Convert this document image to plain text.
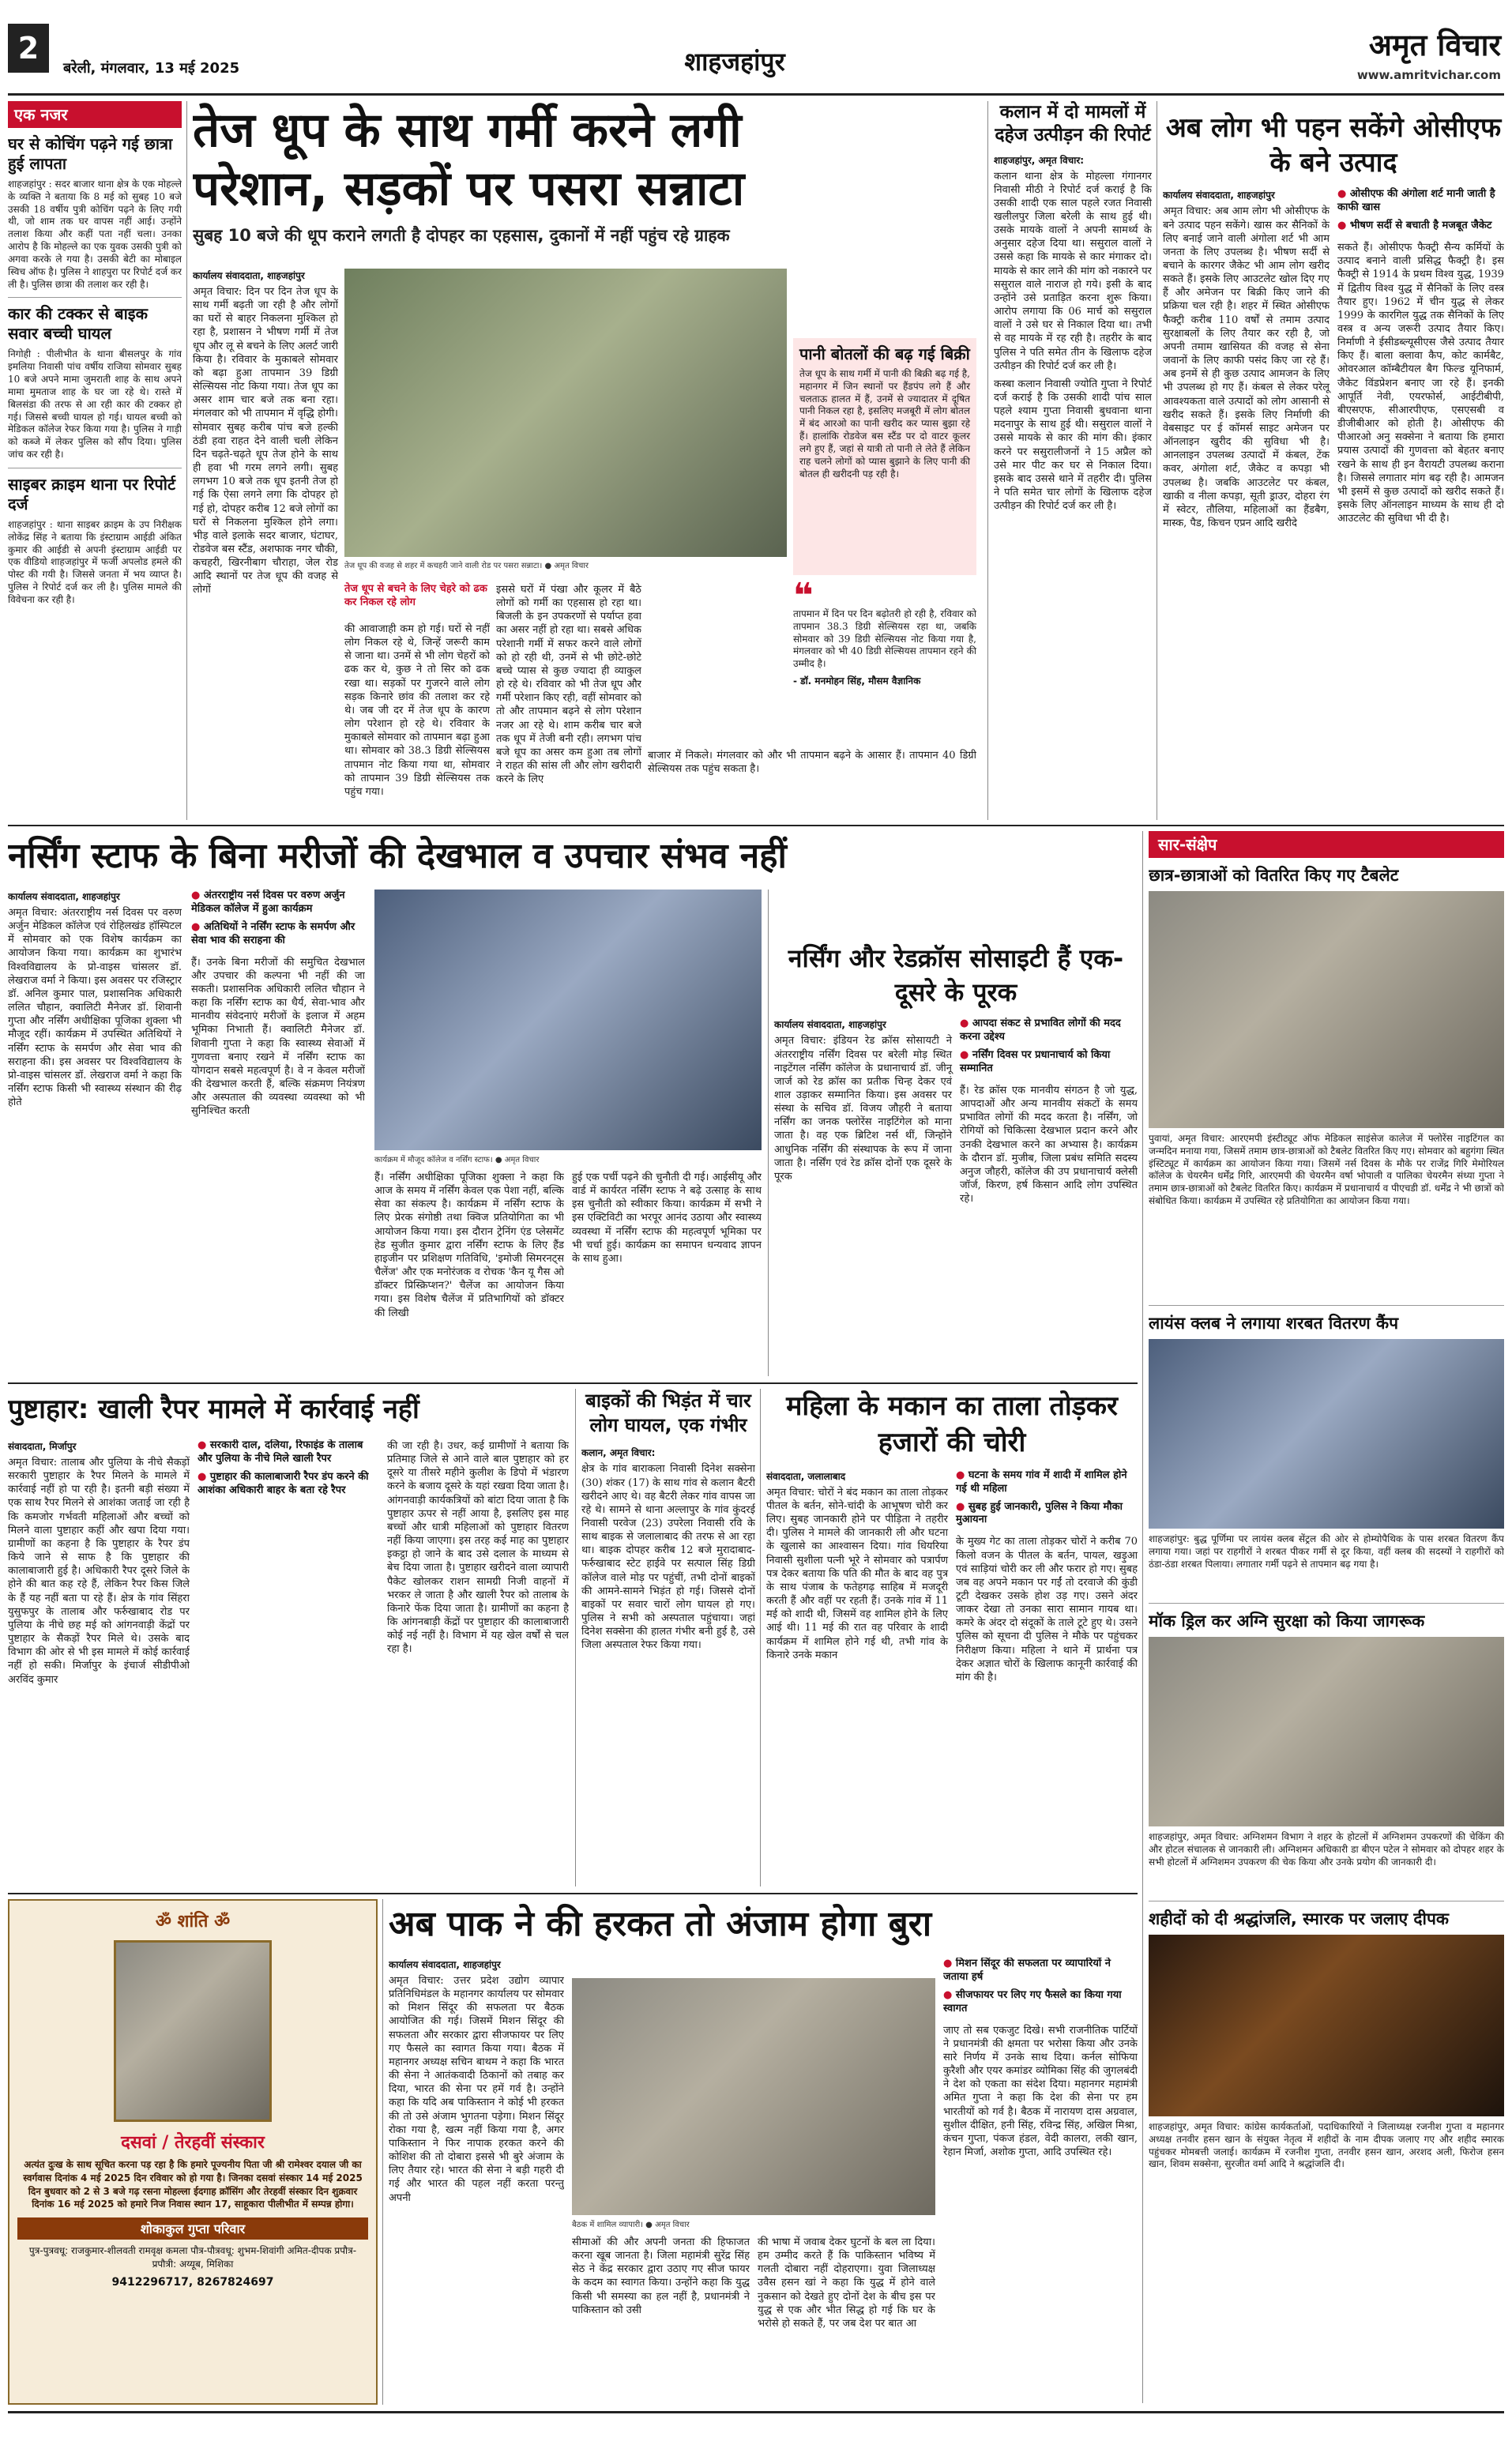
2
बरेली, मंगलवार, 13 मई 2025	शाहजहांपुर	अमृत विचार
www.amritvichar.com
एक नजर
घर से कोचिंग पढ़ने गई छात्रा हुई लापता
शाहजहांपुर : सदर बाजार थाना क्षेत्र के एक मोहल्ले के व्यक्ति ने बताया कि 8 मई को सुबह 10 बजे उसकी 18 वर्षीय पुत्री कोचिंग पढ़ने के लिए गयी थी, जो शाम तक घर वापस नहीं आई। उन्होंने तलाश किया और कहीं पता नहीं चला। उनका आरोप है कि मोहल्ले का एक युवक उसकी पुत्री को अगवा करके ले गया है। उसकी बेटी का मोबाइल स्विच ऑफ है। पुलिस ने शाहपुरा पर रिपोर्ट दर्ज कर ली है। पुलिस छात्रा की तलाश कर रही है।
कार की टक्कर से बाइक सवार बच्ची घायल
निगोही : पीलीभीत के थाना बीसलपुर के गांव इमलिया निवासी पांच वर्षीय राजिया सोमवार सुबह 10 बजे अपने मामा जुमराती शाह के साथ अपने मामा मुमताज शाह के घर जा रहे थे। रास्ते में बिलसंडा की तरफ से आ रही कार की टक्कर हो गई। जिससे बच्ची घायल हो गई। घायल बच्ची को मेडिकल कॉलेज रेफर किया गया है। पुलिस ने गाड़ी को कब्जे में लेकर पुलिस को सौंप दिया। पुलिस जांच कर रही है।
साइबर क्राइम थाना पर रिपोर्ट दर्ज
शाहजहांपुर : थाना साइबर क्राइम के उप निरीक्षक लोकेंद्र सिंह ने बताया कि इंस्टाग्राम आईडी अंकित कुमार की आईडी से अपनी इंस्टाग्राम आईडी पर एक वीडियो शाहजहांपुर में फर्जी अपलोड हमले की पोस्ट की गयी है। जिससे जनता में भय व्याप्त है। पुलिस ने रिपोर्ट दर्ज कर ली है। पुलिस मामले की विवेचना कर रही है।
तेज धूप के साथ गर्मी करने लगी
परेशान, सड़कों पर पसरा सन्नाटा
सुबह 10 बजे की धूप कराने लगती है दोपहर का एहसास, दुकानों में नहीं पहुंच रहे ग्राहक
तेज धूप की वजह से शहर में कचहरी जाने वाली रोड पर पसरा सन्नाटा। ● अमृत विचार
कार्यालय संवाददाता, शाहजहांपुर
अमृत विचार: दिन पर दिन तेज धूप के साथ गर्मी बढ़ती जा रही है और लोगों का घरों से बाहर निकलना मुश्किल हो रहा है, प्रशासन ने भीषण गर्मी में तेज धूप और लू से बचने के लिए अलर्ट जारी किया है। रविवार के मुकाबले सोमवार को बढ़ा हुआ तापमान 39 डिग्री सेल्सियस नोट किया गया। तेज धूप का असर शाम चार बजे तक बना रहा। मंगलवार को भी तापमान में वृद्धि होगी। सोमवार सुबह करीब पांच बजे हल्की ठंडी हवा राहत देने वाली चली लेकिन दिन चढ़ते-चढ़ते धूप तेज होने के साथ ही हवा भी गरम लगने लगी। सुबह लगभग 10 बजे तक धूप इतनी तेज हो गई कि ऐसा लगने लगा कि दोपहर हो गई हो, दोपहर करीब 12 बजे लोगों का घरों से निकलना मुश्किल होने लगा। भीड़ वाले इलाके सदर बाजार, घंटाघर, रोडवेज बस स्टैंड, अशफाक नगर चौकी, कचहरी, खिरनीबाग चौराहा, जेल रोड आदि स्थानों पर तेज धूप की वजह से लोगों	तेज धूप से बचने के लिए चेहरे को ढक कर निकल रहे लोग
की आवाजाही कम हो गई। घरों से नहीं लोग निकल रहे थे, जिन्हें जरूरी काम से जाना था। उनमें से भी लोग चेहरों को ढक कर थे, कुछ ने तो सिर को ढक रखा था। सड़कों पर गुजरने वाले लोग सड़क किनारे छांव की तलाश कर रहे थे। जब जी दर में तेज धूप के कारण लोग परेशान हो रहे थे। रविवार के मुकाबले सोमवार को तापमान बढ़ा हुआ था। सोमवार को 38.3 डिग्री सेल्सियस तापमान नोट किया गया था, सोमवार को तापमान 39 डिग्री सेल्सियस तक पहुंच गया।
इससे घरों में पंखा और कूलर में बैठे लोगों को गर्मी का एहसास हो रहा था। बिजली के इन उपकरणों से पर्याप्त हवा का असर नहीं हो रहा था। सबसे अधिक परेशानी गर्मी में सफर करने वाले लोगों को हो रही थी, उनमें से भी छोटे-छोटे बच्चे प्यास से कुछ ज्यादा ही व्याकुल हो रहे थे। रविवार को भी तेज धूप और गर्मी परेशान किए रही, वहीं सोमवार को तो और तापमान बढ़ने से लोग परेशान नजर आ रहे थे। शाम करीब चार बजे तक धूप में तेजी बनी रही। लगभग पांच बजे धूप का असर कम हुआ तब लोगों ने राहत की सांस ली और लोग खरीदारी करने के लिए
पानी बोतलों की बढ़ गई बिक्री
तेज धूप के साथ गर्मी में पानी की बिक्री बढ़ गई है, महानगर में जिन स्थानों पर हैंडपंप लगे हैं और चलताऊ हालत में हैं, उनमें से ज्यादातर में दूषित पानी निकल रहा है, इसलिए मजबूरी में लोग बोतल में बंद आरओ का पानी खरीद कर प्यास बुझा रहे हैं। हालांकि रोडवेज बस स्टैंड पर दो वाटर कूलर लगे हुए हैं, जहां से यात्री तो पानी ले लेते हैं लेकिन राह चलने लोगों को प्यास बुझाने के लिए पानी की बोतल ही खरीदनी पड़ रही है।
❝
तापमान में दिन पर दिन बढ़ोतरी हो रही है, रविवार को तापमान 38.3 डिग्री सेल्सियस रहा था, जबकि सोमवार को 39 डिग्री सेल्सियस नोट किया गया है, मंगलवार को भी 40 डिग्री सेल्सियस तापमान रहने की उम्मीद है।
- डॉ. मनमोहन सिंह, मौसम वैज्ञानिक
बाजार में निकले। मंगलवार को और भी तापमान बढ़ने के आसार हैं। तापमान 40 डिग्री सेल्सियस तक पहुंच सकता है।
कलान में दो मामलों में दहेज उत्पीड़न की रिपोर्ट
शाहजहांपुर, अमृत विचार:
कलान थाना क्षेत्र के मोहल्ला गंगानगर निवासी मीठी ने रिपोर्ट दर्ज कराई है कि उसकी शादी एक साल पहले रजत निवासी खलीलपुर जिला बरेली के साथ हुई थी। उसके मायके वालों ने अपनी सामर्थ्य के अनुसार दहेज दिया था। ससुराल वालों ने उससे कहा कि मायके से कार मंगाकर दो। मायके से कार लाने की मांग को नकारने पर ससुराल वाले नाराज हो गये। इसी के बाद उन्होंने उसे प्रताड़ित करना शुरू किया। आरोप लगाया कि 06 मार्च को ससुराल वालों ने उसे घर से निकाल दिया था। तभी से वह मायके में रह रही है। तहरीर के बाद पुलिस ने पति समेत तीन के खिलाफ दहेज उत्पीड़न की रिपोर्ट दर्ज कर ली है।
कस्बा कलान निवासी ज्योति गुप्ता ने रिपोर्ट दर्ज कराई है कि उसकी शादी पांच साल पहले श्याम गुप्ता निवासी बुधवाना थाना मदनापुर के साथ हुई थी। ससुराल वालों ने उससे मायके से कार की मांग की। इंकार करने पर ससुरालीजनों ने 15 अप्रैल को उसे मार पीट कर घर से निकाल दिया। इसके बाद उससे थाने में तहरीर दी। पुलिस ने पति समेत चार लोगों के खिलाफ दहेज उत्पीड़न की रिपोर्ट दर्ज कर ली है।
अब लोग भी पहन सकेंगे ओसीएफ के बने उत्पाद
कार्यालय संवाददाता, शाहजहांपुर
अमृत विचार: अब आम लोग भी ओसीएफ के बने उत्पाद पहन सकेंगे। खास कर सैनिकों के लिए बनाई जाने वाली अंगोला शर्ट भी आम जनता के लिए उपलब्ध है। भीषण सर्दी से बचाने के कारगर जैकेट भी आम लोग खरीद सकते हैं। इसके लिए आउटलेट खोल दिए गए हैं और अमेजन पर बिक्री किए जाने की प्रक्रिया चल रही है। शहर में स्थित ओसीएफ फैक्ट्री करीब 110 वर्षों से तमाम उत्पाद सुरक्षाबलों के लिए तैयार कर रही है, जो अपनी तमाम खासियत की वजह से सेना जवानों के लिए काफी पसंद किए जा रहे हैं। अब इनमें से ही कुछ उत्पाद आमजन के लिए भी उपलब्ध हो गए हैं। कंबल से लेकर परेलू आवश्यकता वाले उत्पादों को लोग आसानी से खरीद सकते हैं। इसके लिए निर्माणी की वेबसाइट पर ई कॉमर्स साइट अमेजन पर ऑनलाइन खुरीद की सुविधा भी है। आनलाइन उपलब्ध उत्पादों में कंबल, टेंक कवर, अंगोला शर्ट, जैकेट व कपड़ा भी उपलब्ध है। जबकि आउटलेट पर कंबल, खाकी व नीला कपड़ा, सूती ड्राउर, दोहरा रंग में स्वेटर, तौलिया, महिलाओं का हैंडबैग, मास्क, पैड, किचन एप्रन आदि खरीदे
● ओसीएफ की अंगोला शर्ट मानी जाती है काफी खास
● भीषण सर्दी से बचाती है मजबूत जैकेट
सकते हैं। ओसीएफ फैक्ट्री सैन्य कर्मियों के उत्पाद बनाने वाली प्रसिद्ध फैक्ट्री है। इस फैक्ट्री से 1914 के प्रथम विश्व युद्ध, 1939 में द्वितीय विश्व युद्ध में सैनिकों के लिए वस्त्र तैयार हुए। 1962 में चीन युद्ध से लेकर 1999 के कारगिल युद्ध तक सैनिकों के लिए वस्त्र व अन्य जरूरी उत्पाद तैयार किए। निर्माणी ने ईसीडब्ल्यूसीएस जैसे उत्पाद तैयार किए हैं। बाला क्लावा कैप, कोट कार्मबैट, ओवरआल कॉम्बैटीयल बैग फिल्ड यूनिफार्म, जैकेट विंडप्रेशन बनाए जा रहे हैं। इनकी आपूर्ति नेवी, एयरफोर्स, आईटीबीपी, बीएसएफ, सीआरपीएफ, एसएसबी व डीजीबीआर को होती है। ओसीएफ की पीआरओ अनु सक्सेना ने बताया कि हमारा प्रयास उत्पादों की गुणवत्ता को बेहतर बनाए रखने के साथ ही इन वैरायटी उपलब्ध कराना है। जिससे लगातार मांग बढ़ रही है। आमजन भी इसमें से कुछ उत्पादों को खरीद सकते हैं। इसके लिए ऑनलाइन माध्यम के साथ ही दो आउटलेट की सुविधा भी दी है।
नर्सिंग स्टाफ के बिना मरीजों की देखभाल व उपचार संभव नहीं
कार्यालय संवाददाता, शाहजहांपुर
अमृत विचार: अंतरराष्ट्रीय नर्स दिवस पर वरुण अर्जुन मेडिकल कॉलेज एवं रोहिलखंड हॉस्पिटल में सोमवार को एक विशेष कार्यक्रम का आयोजन किया गया। कार्यक्रम का शुभारंभ विश्वविद्यालय के प्रो-वाइस चांसलर डॉ. लेखराज वर्मा ने किया। इस अवसर पर रजिस्ट्रार डॉ. अनिल कुमार पाल, प्रशासनिक अधिकारी ललित चौहान, क्वालिटी मैनेजर डॉ. शिवानी गुप्ता और नर्सिंग अधीक्षिका पूजिका शुक्ला भी मौजूद रहीं। कार्यक्रम में उपस्थित अतिथियों ने नर्सिंग स्टाफ के समर्पण और सेवा भाव की सराहना की। इस अवसर पर विश्वविद्यालय के प्रो-वाइस चांसलर डॉ. लेखराज वर्मा ने कहा कि नर्सिंग स्टाफ किसी भी स्वास्थ्य संस्थान की रीढ़ होते
● अंतरराष्ट्रीय नर्स दिवस पर वरुण अर्जुन मेडिकल कॉलेज में हुआ कार्यक्रम
● अतिथियों ने नर्सिंग स्टाफ के समर्पण और सेवा भाव की सराहना की
हैं। उनके बिना मरीजों की समुचित देखभाल और उपचार की कल्पना भी नहीं की जा सकती। प्रशासनिक अधिकारी ललित चौहान ने कहा कि नर्सिंग स्टाफ का धैर्य, सेवा-भाव और मानवीय संवेदनाएं मरीजों के इलाज में अहम भूमिका निभाती हैं। क्वालिटी मैनेजर डॉ. शिवानी गुप्ता ने कहा कि स्वास्थ्य सेवाओं में गुणवत्ता बनाए रखने में नर्सिंग स्टाफ का योगदान सबसे महत्वपूर्ण है। वे न केवल मरीजों की देखभाल करती हैं, बल्कि संक्रमण नियंत्रण और अस्पताल की व्यवस्था व्यवस्था को भी सुनिश्चित करती
कार्यक्रम में मौजूद कॉलेज व नर्सिंग स्टाफ। ● अमृत विचार
हैं। नर्सिंग अधीक्षिका पूजिका शुक्ला ने कहा कि आज के समय में नर्सिंग केवल एक पेशा नहीं, बल्कि सेवा का संकल्प है। कार्यक्रम में नर्सिंग स्टाफ के लिए प्रेरक संगोष्ठी तथा क्विज प्रतियोगिता का भी आयोजन किया गया। इस दौरान ट्रेनिंग एंड प्लेसमेंट हेड सुजीत कुमार द्वारा नर्सिंग स्टाफ के लिए हैंड हाइजीन पर प्रशिक्षण गतिविधि, 'इमोजी सिमरनट्स चैलेंज' और एक मनोरंजक व रोचक 'कैन यू गैस ओ डॉक्टर प्रिस्क्रिप्शन?' चैलेंज का आयोजन किया गया। इस विशेष चैलेंज में प्रतिभागियों को डॉक्टर की लिखी
हुई एक पर्ची पढ़ने की चुनौती दी गई। आईसीयू और वार्ड में कार्यरत नर्सिंग स्टाफ ने बढ़े उत्साह के साथ इस चुनौती को स्वीकार किया। कार्यक्रम में सभी ने इस एक्टिविटी का भरपूर आनंद उठाया और स्वास्थ्य व्यवस्था में नर्सिंग स्टाफ की महत्वपूर्ण भूमिका पर भी चर्चा हुई। कार्यक्रम का समापन धन्यवाद ज्ञापन के साथ हुआ।
नर्सिंग और रेडक्रॉस सोसाइटी हैं एक-दूसरे के पूरक
कार्यालय संवाददाता, शाहजहांपुर
अमृत विचार: इंडियन रेड क्रॉस सोसायटी ने अंतरराष्ट्रीय नर्सिंग दिवस पर बरेली मोड़ स्थित नाइटेंगल नर्सिंग कॉलेज के प्रधानाचार्य डॉ. जीनू जार्ज को रेड क्रॉस का प्रतीक चिन्ह देकर एवं शाल उड़ाकर सम्मानित किया। इस अवसर पर संस्था के सचिव डॉ. विजय जौहरी ने बताया नर्सिंग का जनक फ्लोरेंस नाइटिंगेल को माना जाता है। वह एक ब्रिटिश नर्स थीं, जिन्होंने आधुनिक नर्सिंग की संस्थापक के रूप में जाना जाता है। नर्सिंग एवं रेड क्रॉस दोनों एक दूसरे के पूरक
● आपदा संकट से प्रभावित लोगों की मदद करना उद्देश्य
● नर्सिंग दिवस पर प्रधानाचार्य को किया सम्मानित
हैं। रेड क्रॉस एक मानवीय संगठन है जो युद्ध, आपदाओं और अन्य मानवीय संकटों के समय प्रभावित लोगों की मदद करता है। नर्सिंग, जो रोगियों को चिकित्सा देखभाल प्रदान करने और उनकी देखभाल करने का अभ्यास है। कार्यक्रम के दौरान डॉ. मुजीब, जिला प्रबंध समिति सदस्य अनुज जौहरी, कॉलेज की उप प्रधानाचार्य क्लेसी जॉर्ज, किरण, हर्ष किसान आदि लोग उपस्थित रहे।
सार-संक्षेप
छात्र-छात्राओं को वितरित किए गए टैबलेट
पुवायां, अमृत विचार: आरएमपी इंस्टीट्यूट ऑफ मेडिकल साइंसेज कालेज में फ्लोरेंस नाइटिंगल का जन्मदिन मनाया गया, जिसमें तमाम छात्र-छात्राओं को टैबलेट वितरित किए गए। सोमवार को बहुगंगा स्थित इंस्टिट्यूट में कार्यक्रम का आयोजन किया गया। जिसमें नर्स दिवस के मौके पर राजेंद्र गिरि मेमोरियल कॉलेज के चेयरमैन धर्मेंद्र गिरि, आरएमपी की चेयरमैन वर्षा भोपाली व पालिका चेयरमैन संध्या गुप्ता ने तमाम छात्र-छात्राओं को टैबलेट वितरित किए। कार्यक्रम में प्रधानाचार्य व पीएचडी डॉ. धर्मेंद्र ने भी छात्रों को संबोधित किया। कार्यक्रम में उपस्थित रहे प्रतियोगिता का आयोजन किया गया।
लायंस क्लब ने लगाया शरबत वितरण कैंप
शाहजहांपुर: बुद्ध पूर्णिमा पर लायंस क्लब सेंट्रल की ओर से होम्योपैथिक के पास शरबत वितरण कैंप लगाया गया। जहां पर राहगीरों ने शरबत पीकर गर्मी से दूर किया, वहीं क्लब की सदस्यों ने राहगीरों को ठंडा-ठंडा शरबत पिलाया। लगातार गर्मी पढ़ने से तापमान बढ़ गया है।
मॉक ड्रिल कर अग्नि सुरक्षा को किया जागरूक
शाहजहांपुर, अमृत विचार: अग्निशमन विभाग ने शहर के होटलों में अग्निशमन उपकरणों की चेकिंग की और होटल संचालक से जानकारी ली। अग्निशमन अधिकारी डा बीएन पटेल ने सोमवार को दोपहर शहर के सभी होटलों में अग्निशमन उपकरण की चेक किया और उनके प्रयोग की जानकारी दी।
शहीदों को दी श्रद्धांजलि, स्मारक पर जलाए दीपक
शाहजहांपुर, अमृत विचार: कांग्रेस कार्यकर्ताओं, पदाधिकारियों ने जिलाध्यक्ष रजनीश गुप्ता व महानगर अध्यक्ष तनवीर हसन खान के संयुक्त नेतृत्व में शहीदों के नाम दीपक जलाए गए और शहीद स्मारक पहुंचकर मोमबत्ती जलाई। कार्यक्रम में रजनीश गुप्ता, तनवीर हसन खान, अरशद अली, फिरोज हसन खान, शिवम सक्सेना, सुरजीत वर्मा आदि ने श्रद्धांजलि दी।
पुष्टाहार: खाली रैपर मामले में कार्रवाई नहीं
संवाददाता, मिर्जापुर
अमृत विचार: तालाब और पुलिया के नीचे सैकड़ों सरकारी पुष्टाहार के रैपर मिलने के मामले में कार्रवाई नहीं हो पा रही है। इतनी बड़ी संख्या में एक साथ रैपर मिलने से आशंका जताई जा रही है कि कमजोर गर्भवती महिलाओं और बच्चों को मिलने वाला पुष्टाहार कहीं और खपा दिया गया। ग्रामीणों का कहना है कि पुष्टाहार के रैपर डंप किये जाने से साफ है कि पुष्टाहार की कालाबाजारी हुई है। अधिकारी रैपर दूसरे जिले के होने की बात कह रहे हैं, लेकिन रैपर किस जिले के हैं यह नहीं बता पा रहे हैं। क्षेत्र के गांव सिंहरा युसुफपुर के तालाब और फर्रुखाबाद रोड पर पुलिया के नीचे छह मई को आंगनवाड़ी केंद्रों पर पुष्टाहार के सैकड़ों रैपर मिले थे। उसके बाद विभाग की ओर से भी इस मामले में कोई कार्रवाई नहीं हो सकी। मिर्जापुर के इंचार्ज सीडीपीओ अरविंद कुमार
● सरकारी दाल, दलिया, रिफाइंड के तालाब और पुलिया के नीचे मिले खाली रैपर
● पुष्टाहार की कालाबाजारी रैपर डंप करने की आशंका अधिकारी बाहर के बता रहे रैपर
की जा रही है। उधर, कई ग्रामीणों ने बताया कि प्रतिमाह जिले से आने वाले बाल पुष्टाहार को हर दूसरे या तीसरे महीने कुलीश के डिपो में भंडारण करने के बजाय दूसरे के यहां रखवा दिया जाता है। आंगनवाड़ी कार्यकत्रियों को बांटा दिया जाता है कि पुष्टाहार ऊपर से नहीं आया है, इसलिए इस माह बच्चों और धात्री महिलाओं को पुष्टाहार वितरण नहीं किया जाएगा। इस तरह कई माह का पुष्टाहार इकट्ठा हो जाने के बाद उसे दलाल के माध्यम से बेच दिया जाता है। पुष्टाहार खरीदने वाला व्यापारी पैकेट खोलकर राशन सामग्री निजी वाहनों में भरकर ले जाता है और खाली रैपर को तालाब के किनारे फेंक दिया जाता है। ग्रामीणों का कहना है कि आंगनबाड़ी केंद्रों पर पुष्टाहार की कालाबाजारी कोई नई नहीं है। विभाग में यह खेल वर्षों से चल रहा है।
बाइकों की भिड़ंत में चार लोग घायल, एक गंभीर
कलान, अमृत विचार:
क्षेत्र के गांव बाराकला निवासी दिनेश सक्सेना (30) शंकर (17) के साथ गांव से कलान बैटरी खरीदने आए थे। वह बैटरी लेकर गांव वापस जा रहे थे। सामने से थाना अल्लापुर के गांव कुंदरई निवासी परवेज (23) उपरेला निवासी रवि के साथ बाइक से जलालाबाद की तरफ से आ रहा था। बाइक दोपहर करीब 12 बजे मुरादाबाद-फर्रुखाबाद स्टेट हाईवे पर सत्पाल सिंह डिग्री कॉलेज वाले मोड़ पर पहुंचीं, तभी दोनों बाइकों की आमने-सामने भिड़ंत हो गई। जिससे दोनों बाइकों पर सवार चारों लोग घायल हो गए। पुलिस ने सभी को अस्पताल पहुंचाया। जहां दिनेश सक्सेना की हालत गंभीर बनी हुई है, उसे जिला अस्पताल रेफर किया गया।
महिला के मकान का ताला तोड़कर हजारों की चोरी
संवाददाता, जलालाबाद
अमृत विचार: चोरों ने बंद मकान का ताला तोड़कर पीतल के बर्तन, सोने-चांदी के आभूषण चोरी कर लिए। सुबह जानकारी होने पर पीड़िता ने तहरीर दी। पुलिस ने मामले की जानकारी ली और घटना के खुलासे का आश्वासन दिया। गांव धियरिया निवासी सुशीला पत्नी भूरे ने सोमवार को पत्रार्पण पत्र देकर बताया कि पति की मौत के बाद वह पुत्र के साथ पंजाब के फतेहगढ़ साहिब में मजदूरी करती हैं और वहीं पर रहती हैं। उनके गांव में 11 मई को शादी थी, जिसमें वह शामिल होने के लिए आई थी। 11 मई की रात वह परिवार के शादी कार्यक्रम में शामिल होने गई थी, तभी गांव के किनारे उनके मकान
● घटना के समय गांव में शादी में शामिल होने गई थी महिला
● सुबह हुई जानकारी, पुलिस ने किया मौका मुआयना
के मुख्य गेट का ताला तोड़कर चोरों ने करीब 70 किलो वजन के पीतल के बर्तन, पायल, खड़ुआ एवं साड़ियां चोरी कर ली और फरार हो गए। सुबह जब वह अपने मकान पर गईं तो दरवाजे की कुंडी टूटी देखकर उसके होश उड़ गए। उसने अंदर जाकर देखा तो उनका सारा सामान गायब था। कमरे के अंदर दो संदूकों के ताले टूटे हुए थे। उसने पुलिस को सूचना दी पुलिस ने मौके पर पहुंचकर निरीक्षण किया। महिला ने थाने में प्रार्थना पत्र देकर अज्ञात चोरों के खिलाफ कानूनी कार्रवाई की मांग की है।
ॐ शांति ॐ
दसवां / तेरहवीं संस्कार
अत्यंत दुःख के साथ सूचित करना पड़ रहा है कि हमारे पूज्यनीय पिता जी श्री रामेश्वर दयाल जी का स्वर्गवास दिनांक 4 मई 2025 दिन रविवार को हो गया है। जिनका दसवां संस्कार 14 मई 2025 दिन बुधवार को 2 से 3 बजे गढ़ रसना मोहल्ला ईदगाह क्रॉसिंग और तेरहवीं संस्कार दिन शुक्रवार दिनांक 16 मई 2025 को हमारे निज निवास स्थान 17, साहूकारा पीलीभीत में सम्पन्न होगा।
शोकाकुल गुप्ता परिवार
पुत्र-पुत्रवधू: राजकुमार-शीलवती रामवृक्ष कमला पौत्र-पौत्रवधू: शुभम-शिवांगी अमित-दीपक प्रपौत्र-प्रपौत्री: अय्यूब, मिशिका
9412296717, 8267824697
अब पाक ने की हरकत तो अंजाम होगा बुरा
कार्यालय संवाददाता, शाहजहांपुर
अमृत विचार: उत्तर प्रदेश उद्योग व्यापार प्रतिनिधिमंडल के महानगर कार्यालय पर सोमवार को मिशन सिंदूर की सफलता पर बैठक आयोजित की गई। जिसमें मिशन सिंदूर की सफलता और सरकार द्वारा सीजफायर पर लिए गए फैसले का स्वागत किया गया। बैठक में महानगर अध्यक्ष सचिन बाथम ने कहा कि भारत की सेना ने आतंकवादी ठिकानों को तबाह कर दिया, भारत की सेना पर हमें गर्व है। उन्होंने कहा कि यदि अब पाकिस्तान ने कोई भी हरकत की तो उसे अंजाम भुगतना पड़ेगा। मिशन सिंदूर रोका गया है, खत्म नहीं किया गया है, अगर पाकिस्तान ने फिर नापाक हरकत करने की कोशिश की तो दोबारा इससे भी बुरे अंजाम के लिए तैयार रहे। भारत की सेना ने बड़ी गहरी दी गई और भारत की पहल नहीं करता परन्तु अपनी
बैठक में शामिल व्यापारी। ● अमृत विचार
सीमाओं की और अपनी जनता की हिफाजत करना खूब जानता है। जिला महामंत्री सुरेंद्र सिंह सेठ ने केंद्र सरकार द्वारा उठाए गए सीज फायर के कदम का स्वागत किया। उन्होंने कहा कि युद्ध किसी भी समस्या का हल नहीं है, प्रधानमंत्री ने पाकिस्तान को उसी
की भाषा में जवाब देकर घुटनों के बल ला दिया। हम उम्मीद करते हैं कि पाकिस्तान भविष्य में गलती दोबारा नहीं दोहराएगा। युवा जिलाध्यक्ष उवैस हसन खां ने कहा कि युद्ध में होने वाले नुकसान को देखते हुए दोनों देश के बीच इस पर युद्ध से एक और भीत सिद्ध हो गई कि घर के भरोसे हो सकते हैं, पर जब देश पर बात आ
● मिशन सिंदूर की सफलता पर व्यापारियों ने जताया हर्ष
● सीजफायर पर लिए गए फैसले का किया गया स्वागत
जाए तो सब एकजुट दिखे। सभी राजनीतिक पार्टियों ने प्रधानमंत्री की क्षमता पर भरोसा किया और उनके सारे निर्णय में उनके साथ दिया। कर्नल सोफिया कुरैशी और एयर कमांडर व्योमिका सिंह की जुगलबंदी ने देश को एकता का संदेश दिया। महानगर महामंत्री अमित गुप्ता ने कहा कि देश की सेना पर हम भारतीयों को गर्व है। बैठक में नारायण दास अग्रवाल, सुशील दीक्षित, हनी सिंह, रविन्द्र सिंह, अखिल मिश्रा, कंचन गुप्ता, पंकज हंडल, वेदी कालरा, लकी खान, रेहान मिर्जा, अशोक गुप्ता, आदि उपस्थित रहे।
